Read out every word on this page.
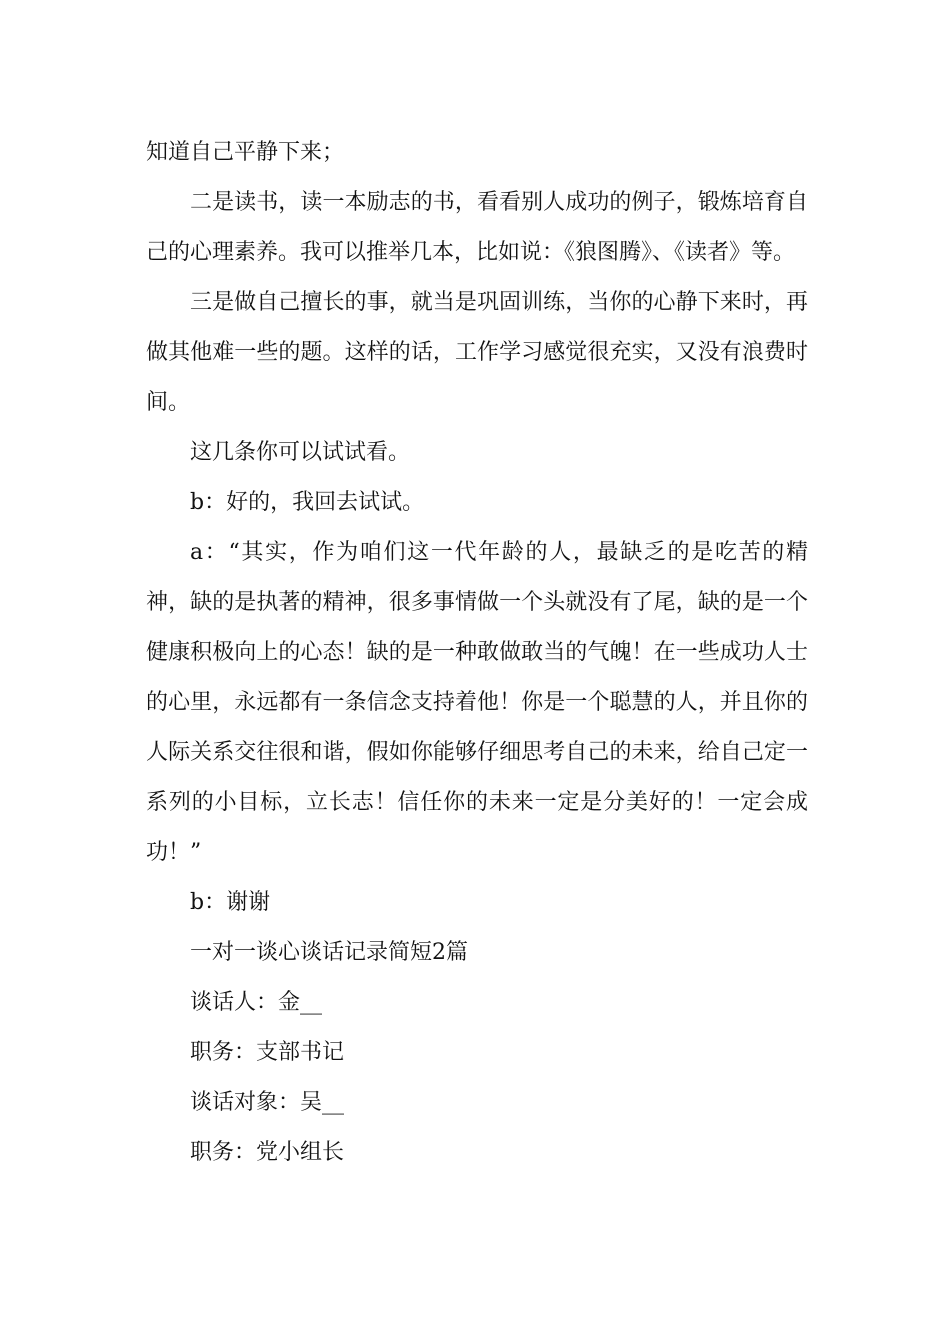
知道自己平静下来；

二是读书，读一本励志的书，看看别人成功的例子，锻炼培育自己的心理素养。我可以推举几本，比如说：《狼图腾》、《读者》等。

三是做自己擅长的事，就当是巩固训练，当你的心静下来时，再做其他难一些的题。这样的话，工作学习感觉很充实，又没有浪费时间。

这几条你可以试试看。

b：好的，我回去试试。

a：“其实，作为咱们这一代年龄的人，最缺乏的是吃苦的精神，缺的是执著的精神，很多事情做一个头就没有了尾，缺的是一个健康积极向上的心态！缺的是一种敢做敢当的气魄！在一些成功人士的心里，永远都有一条信念支持着他！你是一个聪慧的人，并且你的人际关系交往很和谐，假如你能够仔细思考自己的未来，给自己定一系列的小目标，立长志！信任你的未来一定是分美好的！一定会成功！”

b：谢谢

一对一谈心谈话记录简短2篇

谈话人：金__

职务：支部书记

谈话对象：吴__

职务：党小组长
